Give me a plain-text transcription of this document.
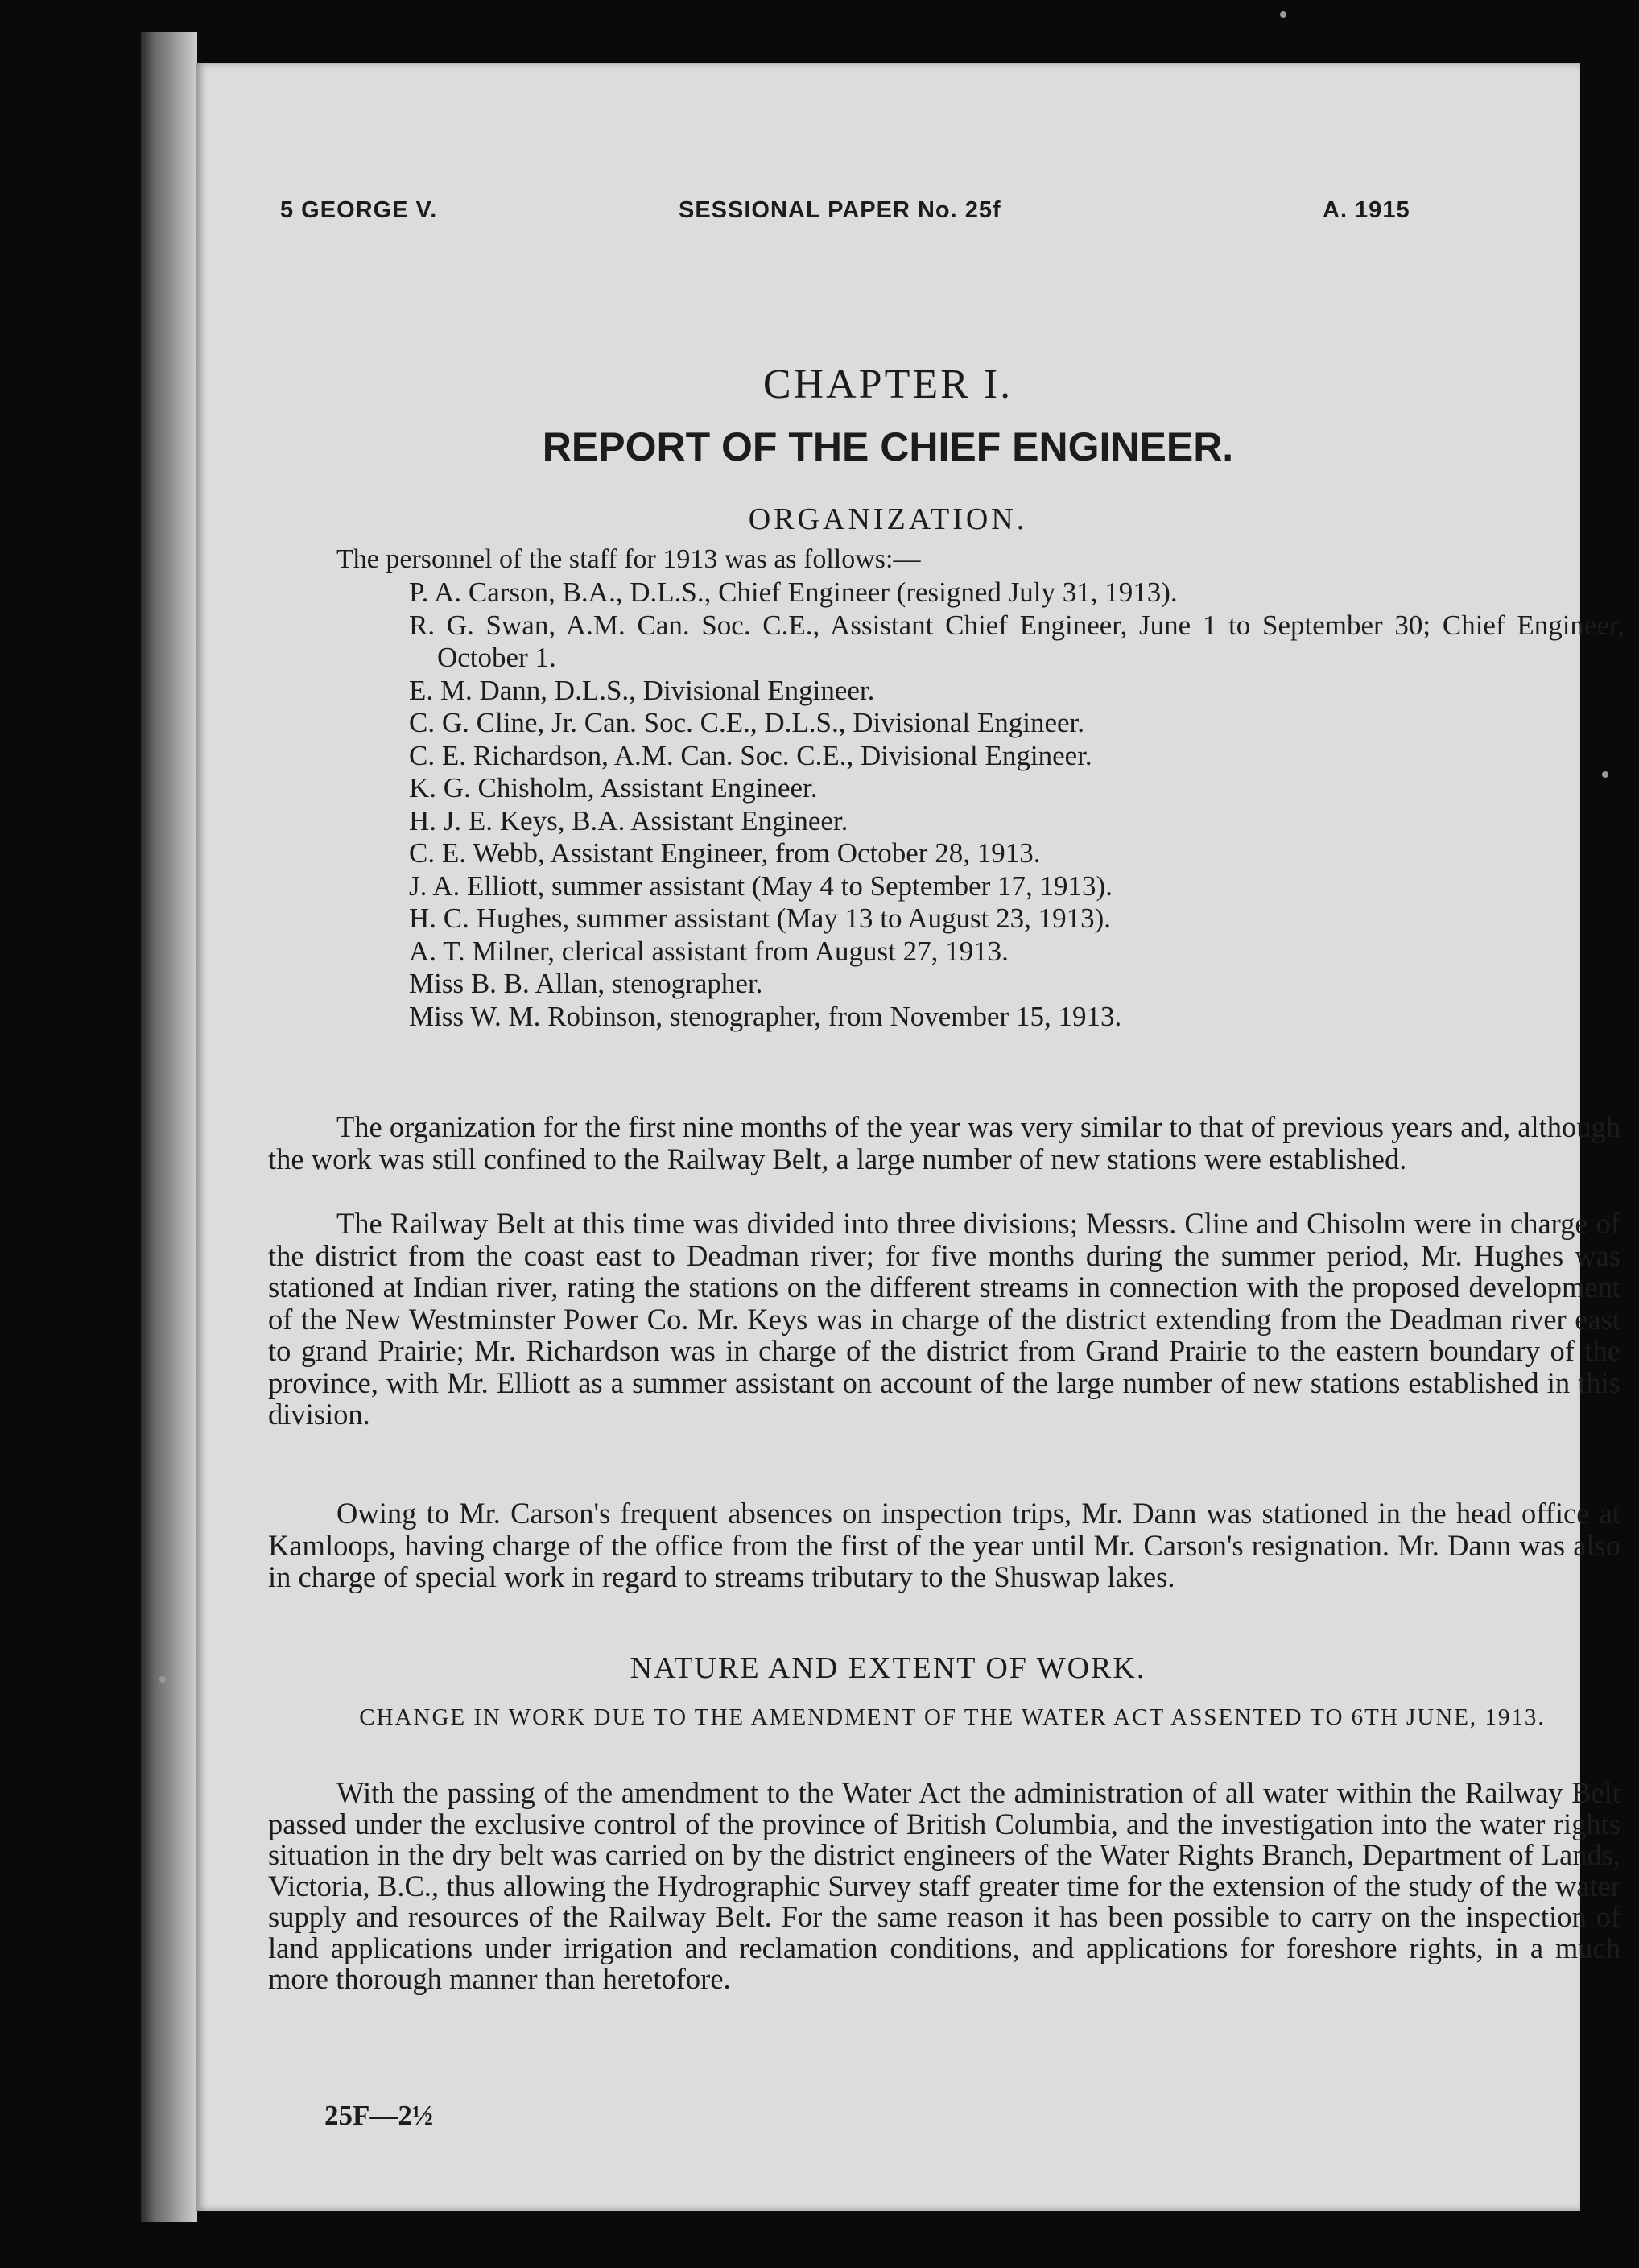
5 GEORGE V.	SESSIONAL PAPER No. 25f	A. 1915
CHAPTER I.
REPORT OF THE CHIEF ENGINEER.
ORGANIZATION.
The personnel of the staff for 1913 was as follows:—
P. A. Carson, B.A., D.L.S., Chief Engineer (resigned July 31, 1913).
R. G. Swan, A.M. Can. Soc. C.E., Assistant Chief Engineer, June 1 to September 30; Chief Engineer, October 1.
E. M. Dann, D.L.S., Divisional Engineer.
C. G. Cline, Jr. Can. Soc. C.E., D.L.S., Divisional Engineer.
C. E. Richardson, A.M. Can. Soc. C.E., Divisional Engineer.
K. G. Chisholm, Assistant Engineer.
H. J. E. Keys, B.A. Assistant Engineer.
C. E. Webb, Assistant Engineer, from October 28, 1913.
J. A. Elliott, summer assistant (May 4 to September 17, 1913).
H. C. Hughes, summer assistant (May 13 to August 23, 1913).
A. T. Milner, clerical assistant from August 27, 1913.
Miss B. B. Allan, stenographer.
Miss W. M. Robinson, stenographer, from November 15, 1913.

The organization for the first nine months of the year was very similar to that of previous years and, although the work was still confined to the Railway Belt, a large number of new stations were established.

The Railway Belt at this time was divided into three divisions; Messrs. Cline and Chisolm were in charge of the district from the coast east to Deadman river; for five months during the summer period, Mr. Hughes was stationed at Indian river, rating the stations on the different streams in connection with the proposed development of the New Westminster Power Co. Mr. Keys was in charge of the district extending from the Deadman river east to grand Prairie; Mr. Richardson was in charge of the district from Grand Prairie to the eastern boundary of the province, with Mr. Elliott as a summer assistant on account of the large number of new stations established in this division.

Owing to Mr. Carson's frequent absences on inspection trips, Mr. Dann was stationed in the head office at Kamloops, having charge of the office from the first of the year until Mr. Carson's resignation. Mr. Dann was also in charge of special work in regard to streams tributary to the Shuswap lakes.

NATURE AND EXTENT OF WORK.
CHANGE IN WORK DUE TO THE AMENDMENT OF THE WATER ACT ASSENTED TO 6TH JUNE, 1913.

With the passing of the amendment to the Water Act the administration of all water within the Railway Belt passed under the exclusive control of the province of British Columbia, and the investigation into the water rights situation in the dry belt was carried on by the district engineers of the Water Rights Branch, Department of Lands, Victoria, B.C., thus allowing the Hydrographic Survey staff greater time for the extension of the study of the water supply and resources of the Railway Belt. For the same reason it has been possible to carry on the inspection of land applications under irrigation and reclamation conditions, and applications for foreshore rights, in a much more thorough manner than heretofore.

25F—2½
